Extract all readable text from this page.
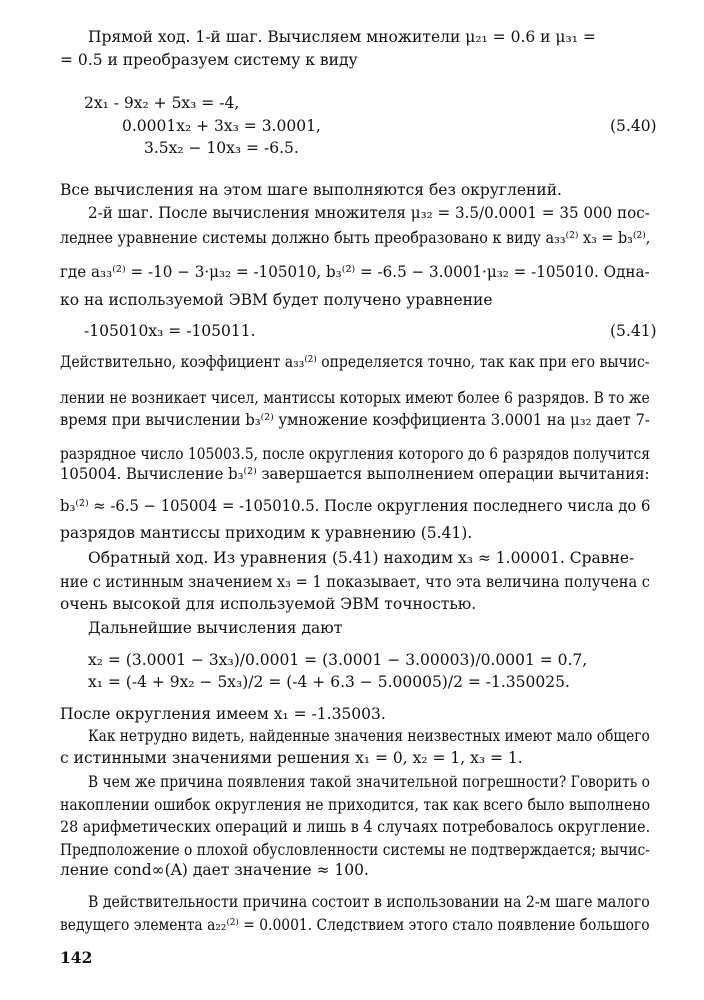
Прямой ход. 1-й шаг. Вычисляем множители μ₂₁ = 0.6 и μ₃₁ =
= 0.5 и преобразуем систему к виду
2x₁ - 9x₂ + 5x₃ = -4,
0.0001x₂ + 3x₃ = 3.0001,
3.5x₂ − 10x₃ = -6.5.
(5.40)
Все вычисления на этом шаге выполняются без округлений.
2-й шаг. После вычисления множителя μ₃₂ = 3.5/0.0001 = 35 000 пос-
леднее уравнение системы должно быть преобразовано к виду a₃₃⁽²⁾ x₃ = b₃⁽²⁾,
где a₃₃⁽²⁾ = -10 − 3·μ₃₂ = -105010, b₃⁽²⁾ = -6.5 − 3.0001·μ₃₂ = -105010. Одна-
ко на используемой ЭВМ будет получено уравнение
-105010x₃ = -105011.	(5.41)
Действительно, коэффициент a₃₃⁽²⁾ определяется точно, так как при его вычис-
лении не возникает чисел, мантиссы которых имеют более 6 разрядов. В то же
время при вычислении b₃⁽²⁾ умножение коэффициента 3.0001 на μ₃₂ дает 7-
разрядное число 105003.5, после округления которого до 6 разрядов получится
105004. Вычисление b₃⁽²⁾ завершается выполнением операции вычитания:
b₃⁽²⁾ ≈ -6.5 − 105004 = -105010.5. После округления последнего числа до 6
разрядов мантиссы приходим к уравнению (5.41).
Обратный ход. Из уравнения (5.41) находим x₃ ≈ 1.00001. Сравне-
ние с истинным значением x₃ = 1 показывает, что эта величина получена с
очень высокой для используемой ЭВМ точностью.
Дальнейшие вычисления дают
x₂ = (3.0001 − 3x₃)/0.0001 = (3.0001 − 3.00003)/0.0001 = 0.7,
x₁ = (-4 + 9x₂ − 5x₃)/2 = (-4 + 6.3 − 5.00005)/2 = -1.350025.
После округления имеем x₁ = -1.35003.
Как нетрудно видеть, найденные значения неизвестных имеют мало общего
с истинными значениями решения x₁ = 0, x₂ = 1, x₃ = 1.
В чем же причина появления такой значительной погрешности? Говорить о
накоплении ошибок округления не приходится, так как всего было выполнено
28 арифметических операций и лишь в 4 случаях потребовалось округление.
Предположение о плохой обусловленности системы не подтверждается; вычис-
ление cond∞(A) дает значение ≈ 100.
В действительности причина состоит в использовании на 2-м шаге малого
ведущего элемента a₂₂⁽²⁾ = 0.0001. Следствием этого стало появление большого
142
